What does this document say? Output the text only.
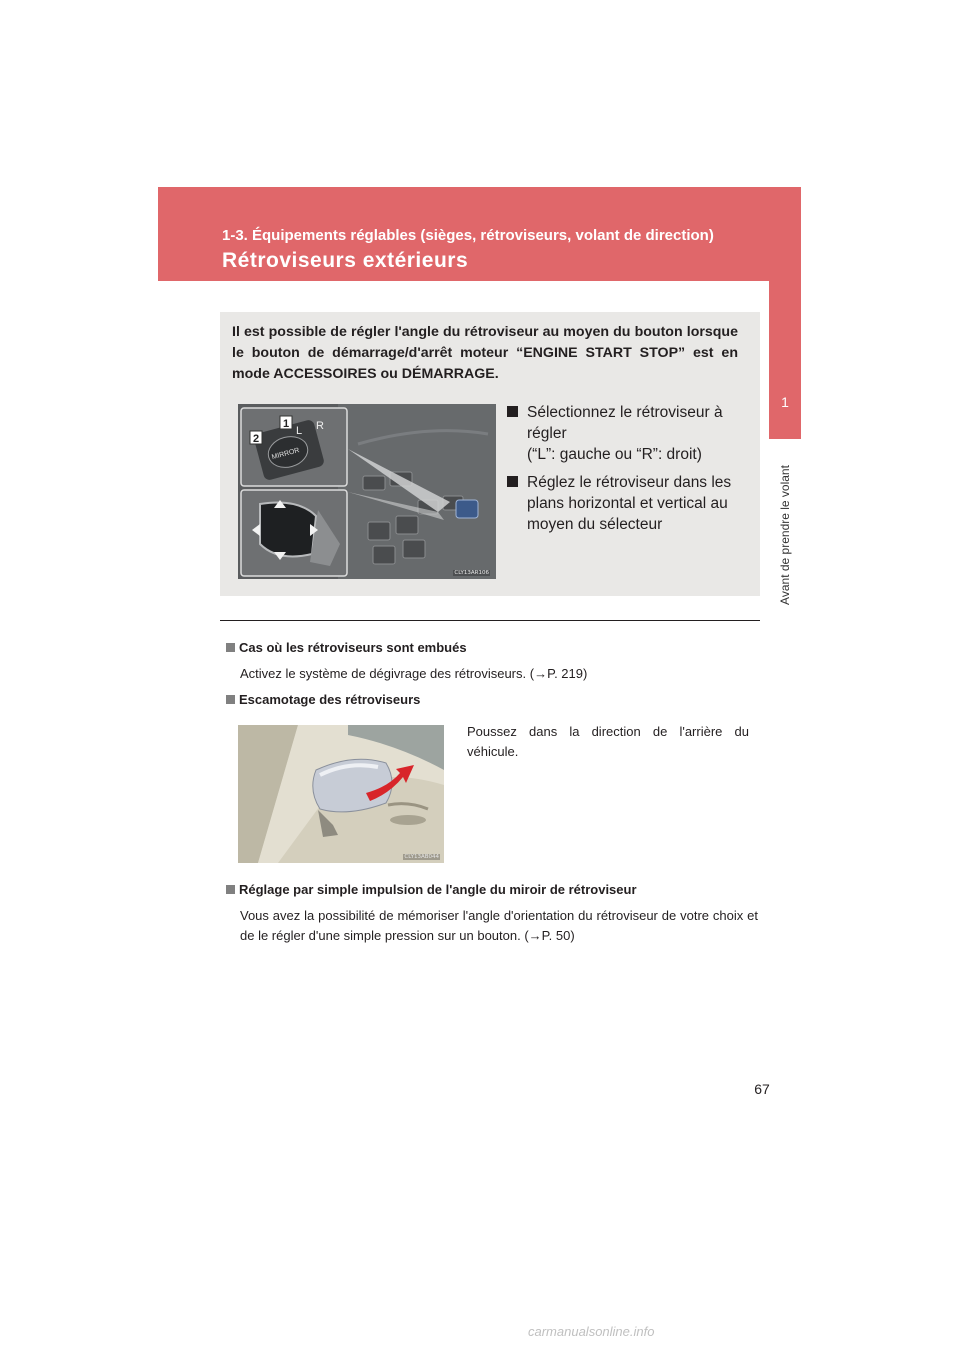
1-3. Équipements réglables (sièges, rétroviseurs, volant de direction)
Rétroviseurs extérieurs
1
Avant de prendre le volant
Il est possible de régler l'angle du rétroviseur au moyen du bouton lorsque le bouton de démarrage/d'arrêt moteur “ENGINE START STOP” est en mode ACCESSOIRES ou DÉMARRAGE.
MIRROR
L R
1
2
CLY13AR106
Sélectionnez le rétroviseur à régler
(“L”: gauche ou “R”: droit)
Réglez le rétroviseur dans les plans horizontal et vertical au moyen du sélecteur
Cas où les rétroviseurs sont embués
Activez le système de dégivrage des rétroviseurs. (→P. 219)
Escamotage des rétroviseurs
CLY13AB044
Poussez dans la direction de l'arrière du véhicule.
Réglage par simple impulsion de l'angle du miroir de rétroviseur
Vous avez la possibilité de mémoriser l'angle d'orientation du rétroviseur de votre choix et de le régler d'une simple pression sur un bouton. (→P. 50)
67
carmanualsonline.info
